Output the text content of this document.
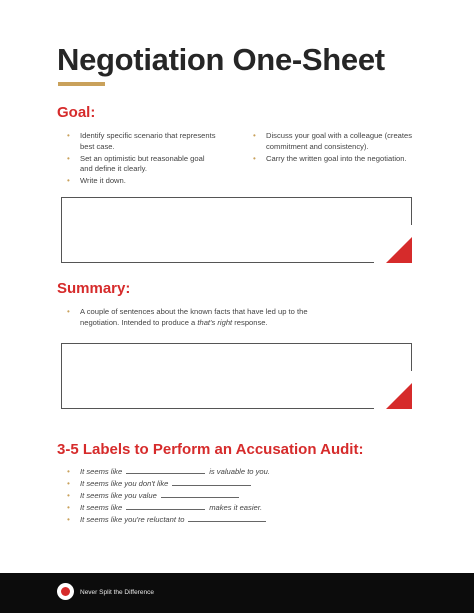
Negotiation One-Sheet
Goal:
• Identify specific scenario that represents best case.
• Set an optimistic but reasonable goal and define it clearly.
• Write it down.
• Discuss your goal with a colleague (creates commitment and consistency).
• Carry the written goal into the negotiation.
Summary:
• A couple of sentences about the known facts that have led up to the negotiation. Intended to produce a that's right response.
3-5 Labels to Perform an Accusation Audit:
• It seems like	is valuable to you.
• It seems like you don't like
• It seems like you value
• It seems like	makes it easier.
• It seems like you're reluctant to
Never Split the Difference
